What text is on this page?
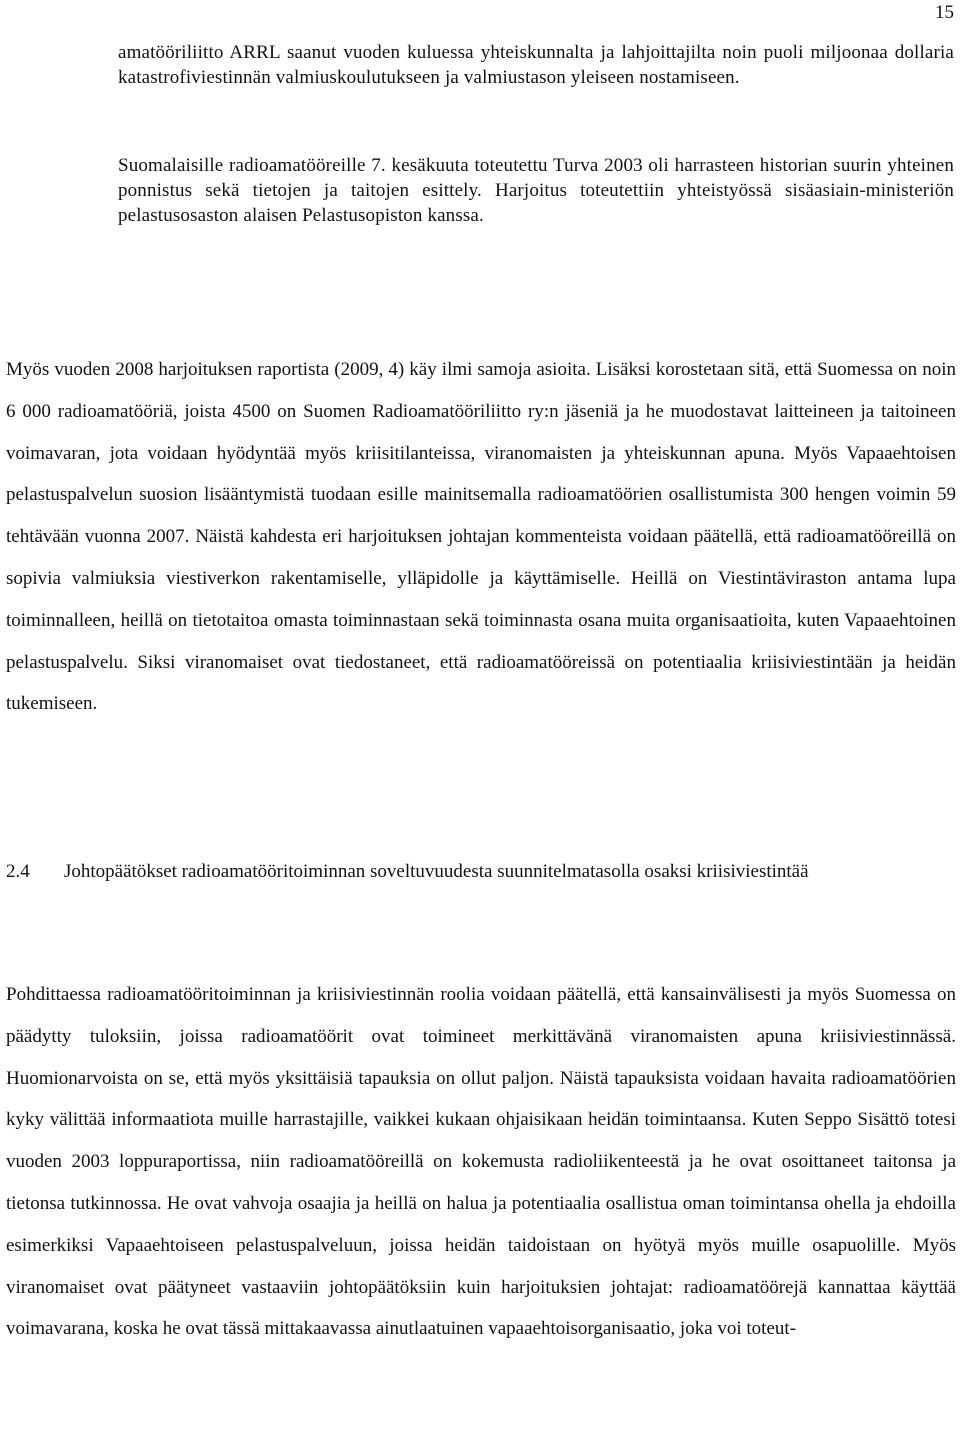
15

amatööriliitto ARRL saanut vuoden kuluessa yhteiskunnalta ja lahjoittajilta noin puoli miljoonaa dollaria katastrofiviestinnän valmiuskoulutukseen ja valmiustason yleiseen nostamiseen.

Suomalaisille radioamatööreille 7. kesäkuuta toteutettu Turva 2003 oli harrasteen historian suurin yhteinen ponnistus sekä tietojen ja taitojen esittely. Harjoitus toteutettiin yhteistyössä sisäasiain-ministeriön pelastusosaston alaisen Pelastusopiston kanssa.

Myös vuoden 2008 harjoituksen raportista (2009, 4) käy ilmi samoja asioita. Lisäksi korostetaan sitä, että Suomessa on noin 6 000 radioamatööriä, joista 4500 on Suomen Radioamatööriliitto ry:n jäseniä ja he muodostavat laitteineen ja taitoineen voimavaran, jota voidaan hyödyntää myös kriisitilanteissa, viranomaisten ja yhteiskunnan apuna. Myös Vapaaehtoisen pelastuspalvelun suosion lisääntymistä tuodaan esille mainitsemalla radioamatöörien osallistumista 300 hengen voimin 59 tehtävään vuonna 2007. Näistä kahdesta eri harjoituksen johtajan kommenteista voidaan päätellä, että radioamatööreillä on sopivia valmiuksia viestiverkon rakentamiselle, ylläpidolle ja käyttämiselle. Heillä on Viestintäviraston antama lupa toiminnalleen, heillä on tietotaitoa omasta toiminnastaan sekä toiminnasta osana muita organisaatioita, kuten Vapaaehtoinen pelastuspalvelu. Siksi viranomaiset ovat tiedostaneet, että radioamatööreissä on potentiaalia kriisiviestintään ja heidän tukemiseen.

2.4 Johtopäätökset radioamatööritoiminnan soveltuvuudesta suunnitelmatasolla osaksi kriisiviestintää

Pohdittaessa radioamatööritoiminnan ja kriisiviestinnän roolia voidaan päätellä, että kansainvälisesti ja myös Suomessa on päädytty tuloksiin, joissa radioamatöörit ovat toimineet merkittävänä viranomaisten apuna kriisiviestinnässä. Huomionarvoista on se, että myös yksittäisiä tapauksia on ollut paljon. Näistä tapauksista voidaan havaita radioamatöörien kyky välittää informaatiota muille harrastajille, vaikkei kukaan ohjaisikaan heidän toimintaansa. Kuten Seppo Sisättö totesi vuoden 2003 loppuraportissa, niin radioamatööreillä on kokemusta radioliikenteestä ja he ovat osoittaneet taitonsa ja tietonsa tutkinnossa. He ovat vahvoja osaajia ja heillä on halua ja potentiaalia osallistua oman toimintansa ohella ja ehdoilla esimerkiksi Vapaaehtoiseen pelastuspalveluun, joissa heidän taidoistaan on hyötyä myös muille osapuolille. Myös viranomaiset ovat päätyneet vastaaviin johtopäätöksiin kuin harjoituksien johtajat: radioamatöörejä kannattaa käyttää voimavarana, koska he ovat tässä mittakaavassa ainutlaatuinen vapaaehtoisorganisaatio, joka voi toteut-
